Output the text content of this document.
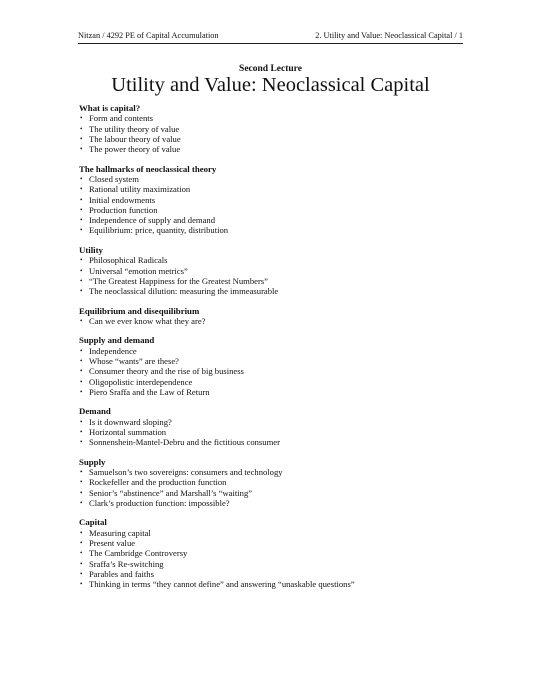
Nitzan / 4292 PE of Capital Accumulation	2. Utility and Value: Neoclassical Capital / 1
Second Lecture
Utility and Value: Neoclassical Capital
What is capital?
• Form and contents
• The utility theory of value
• The labour theory of value
• The power theory of value
The hallmarks of neoclassical theory
• Closed system
• Rational utility maximization
• Initial endowments
• Production function
• Independence of supply and demand
• Equilibrium: price, quantity, distribution
Utility
• Philosophical Radicals
• Universal “emotion metrics”
• “The Greatest Happiness for the Greatest Numbers”
• The neoclassical dilution: measuring the immeasurable
Equilibrium and disequilibrium
• Can we ever know what they are?
Supply and demand
• Independence
• Whose “wants” are these?
• Consumer theory and the rise of big business
• Oligopolistic interdependence
• Piero Sraffa and the Law of Return
Demand
• Is it downward sloping?
• Horizontal summation
• Sonnenshein-Mantel-Debru and the fictitious consumer
Supply
• Samuelson’s two sovereigns: consumers and technology
• Rockefeller and the production function
• Senior’s “abstinence” and Marshall’s “waiting”
• Clark’s production function: impossible?
Capital
• Measuring capital
• Present value
• The Cambridge Controversy
• Sraffa’s Re-switching
• Parables and faiths
• Thinking in terms “they cannot define” and answering “unaskable questions”
